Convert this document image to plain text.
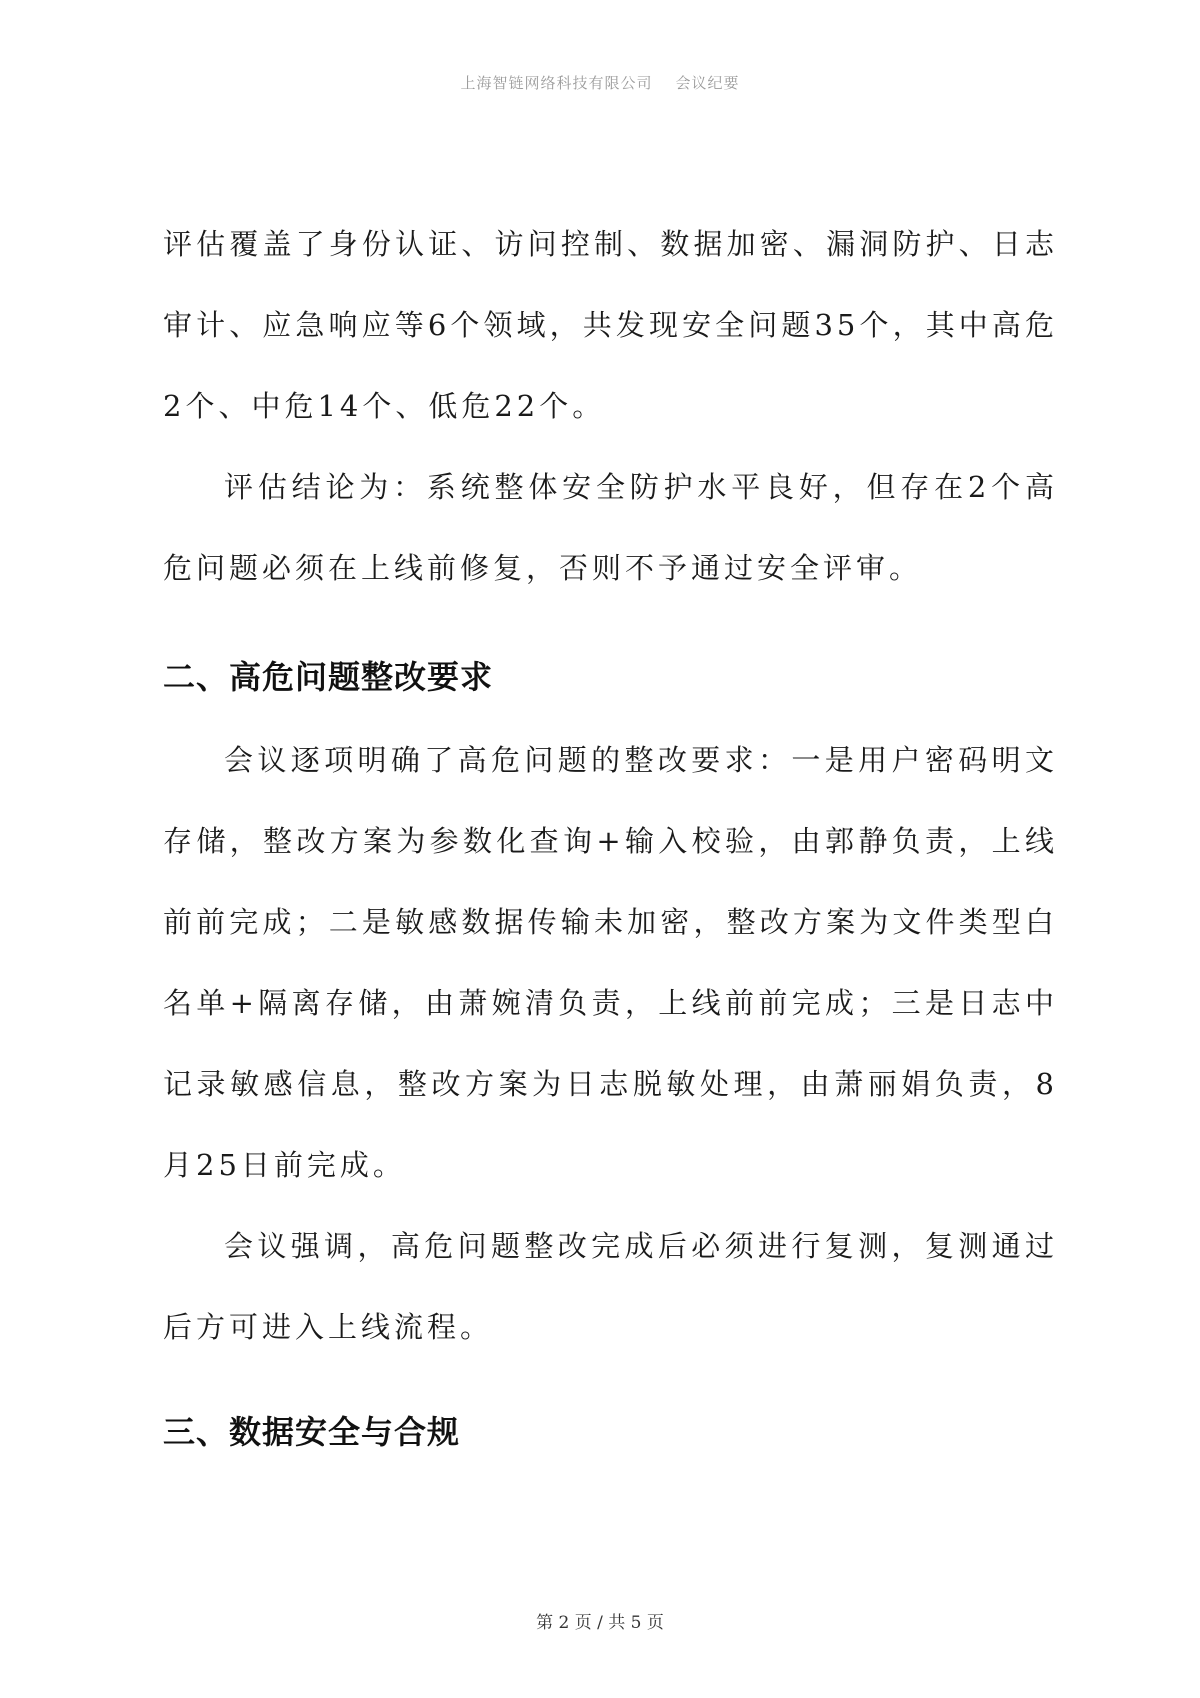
上海智链网络科技有限公司    会议纪要

评估覆盖了身份认证、访问控制、数据加密、漏洞防护、日志审计、应急响应等6个领域，共发现安全问题35个，其中高危2个、中危14个、低危22个。

评估结论为：系统整体安全防护水平良好，但存在2个高危问题必须在上线前修复，否则不予通过安全评审。

二、高危问题整改要求

会议逐项明确了高危问题的整改要求：一是用户密码明文存储，整改方案为参数化查询+输入校验，由郭静负责，上线前前完成；二是敏感数据传输未加密，整改方案为文件类型白名单+隔离存储，由萧婉清负责，上线前前完成；三是日志中记录敏感信息，整改方案为日志脱敏处理，由萧丽娟负责，8月25日前完成。

会议强调，高危问题整改完成后必须进行复测，复测通过后方可进入上线流程。

三、数据安全与合规
第 2 页 / 共 5 页
